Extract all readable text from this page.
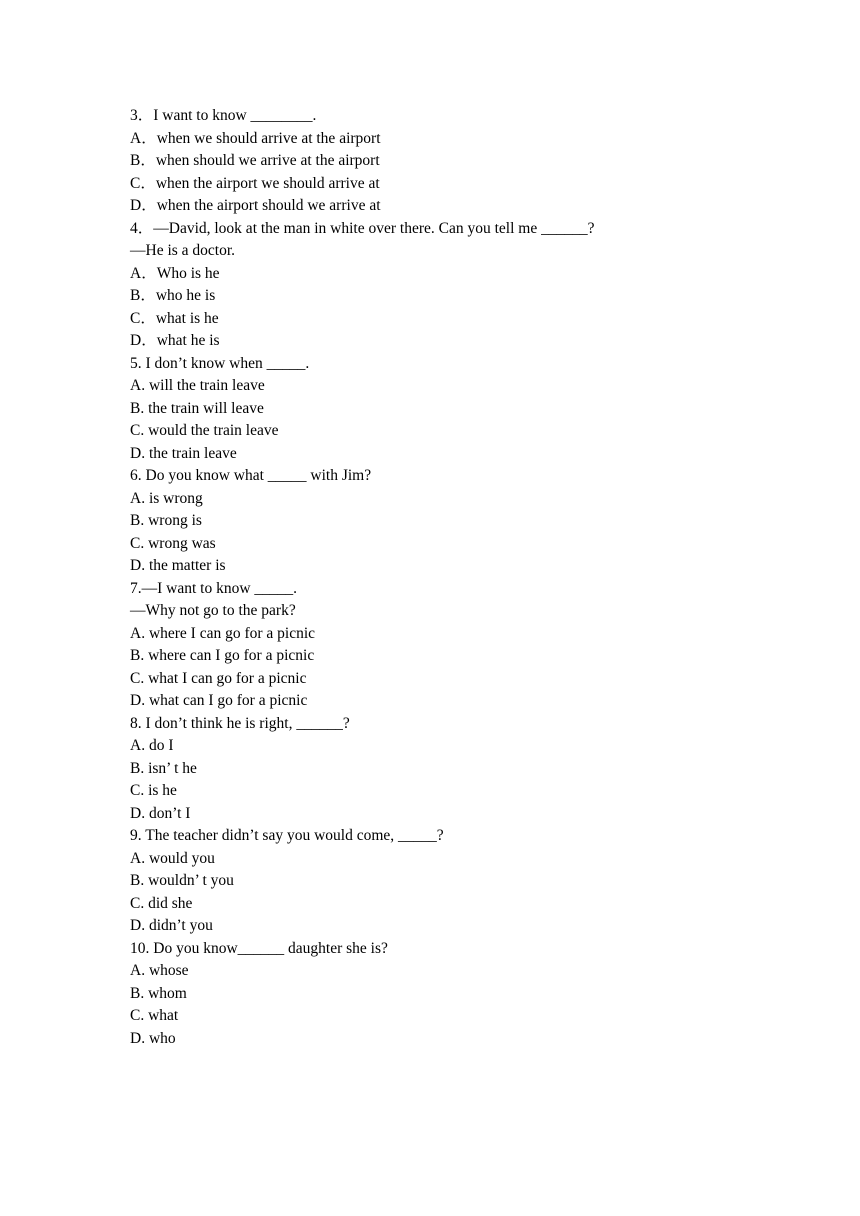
3．I want to know ________.
A．when we should arrive at the airport
B．when should we arrive at the airport
C．when the airport we should arrive at
D．when the airport should we arrive at
4．—David, look at the man in white over there. Can you tell me ______?
—He is a doctor.
A．Who is he
B．who he is
C．what is he
D．what he is
5. I don’t know when _____.
A. will the train leave
B. the train will leave
C. would the train leave
D. the train leave
6. Do you know what _____ with Jim?
A. is wrong
B. wrong is
C. wrong was
D. the matter is
7.—I want to know _____.
—Why not go to the park?
A. where I can go for a picnic
B. where can I go for a picnic
C. what I can go for a picnic
D. what can I go for a picnic
8. I don’t think he is right, ______?
A. do I
B. isn’ t he
C. is he
D. don’t I
9. The teacher didn’t say you would come, _____?
A. would you
B. wouldn’ t you
C. did she
D. didn’t you
10. Do you know______ daughter she is?
A. whose
B. whom
C. what
D. who
